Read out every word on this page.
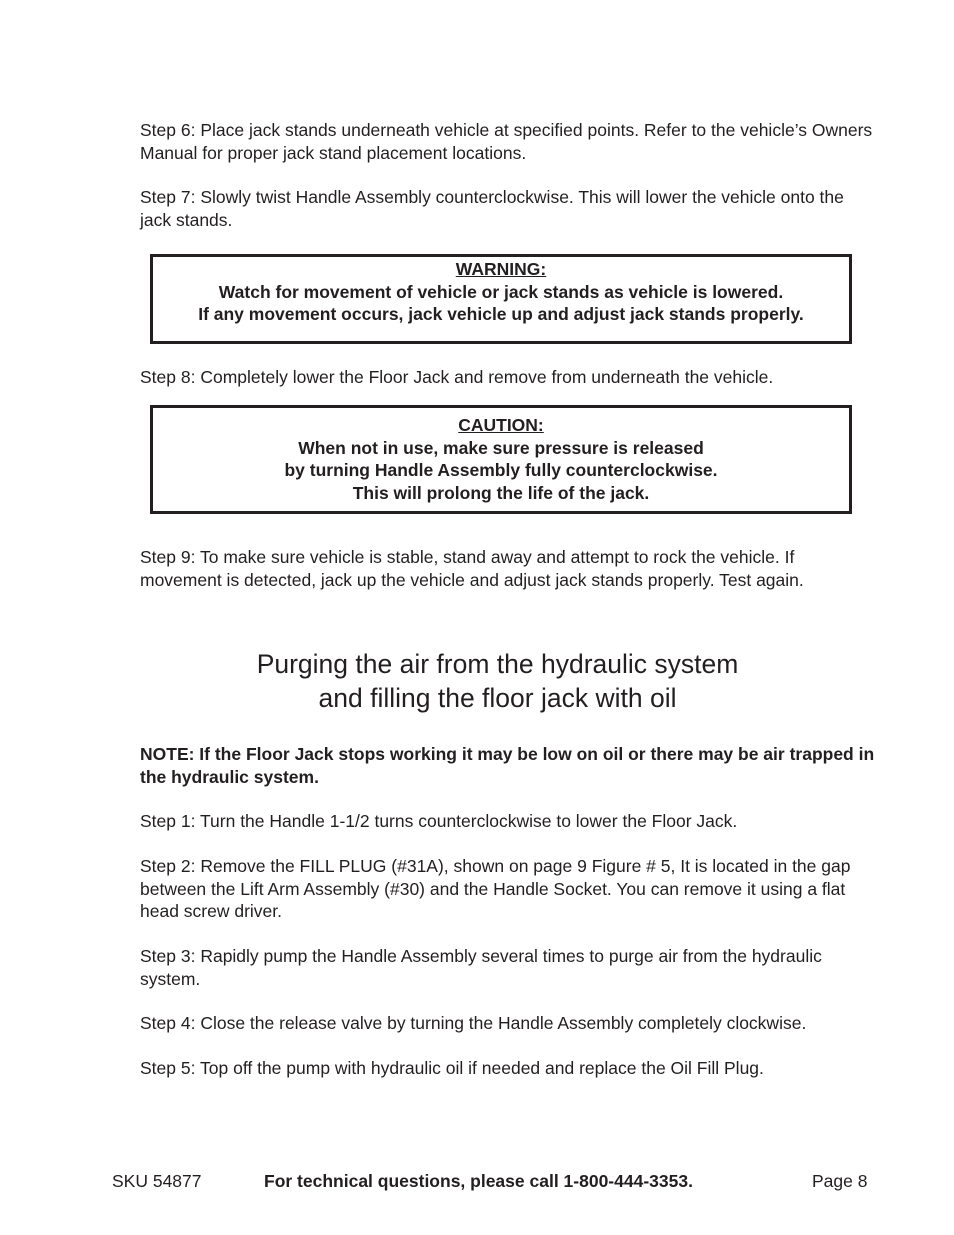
Step 6: Place jack stands underneath vehicle at specified points. Refer to the vehicle’s Owners Manual for proper jack stand placement locations.

Step 7: Slowly twist Handle Assembly counterclockwise. This will lower the vehicle onto the jack stands.

WARNING:
Watch for movement of vehicle or jack stands as vehicle is lowered.
If any movement occurs, jack vehicle up and adjust jack stands properly.

Step 8: Completely lower the Floor Jack and remove from underneath the vehicle.

CAUTION:
When not in use, make sure pressure is released
by turning Handle Assembly fully counterclockwise.
This will prolong the life of the jack.

Step 9: To make sure vehicle is stable, stand away and attempt to rock the vehicle. If movement is detected, jack up the vehicle and adjust jack stands properly. Test again.

Purging the air from the hydraulic system
and filling the floor jack with oil

NOTE: If the Floor Jack stops working it may be low on oil or there may be air trapped in the hydraulic system.

Step 1: Turn the Handle 1-1/2 turns counterclockwise to lower the Floor Jack.

Step 2: Remove the FILL PLUG (#31A), shown on page 9 Figure # 5, It is located in the gap between the Lift Arm Assembly (#30) and the Handle Socket. You can remove it using a flat head screw driver.

Step 3: Rapidly pump the Handle Assembly several times to purge air from the hydraulic system.

Step 4: Close the release valve by turning the Handle Assembly completely clockwise.

Step 5: Top off the pump with hydraulic oil if needed and replace the Oil Fill Plug.

SKU 54877	For technical questions, please call 1-800-444-3353.	Page 8
